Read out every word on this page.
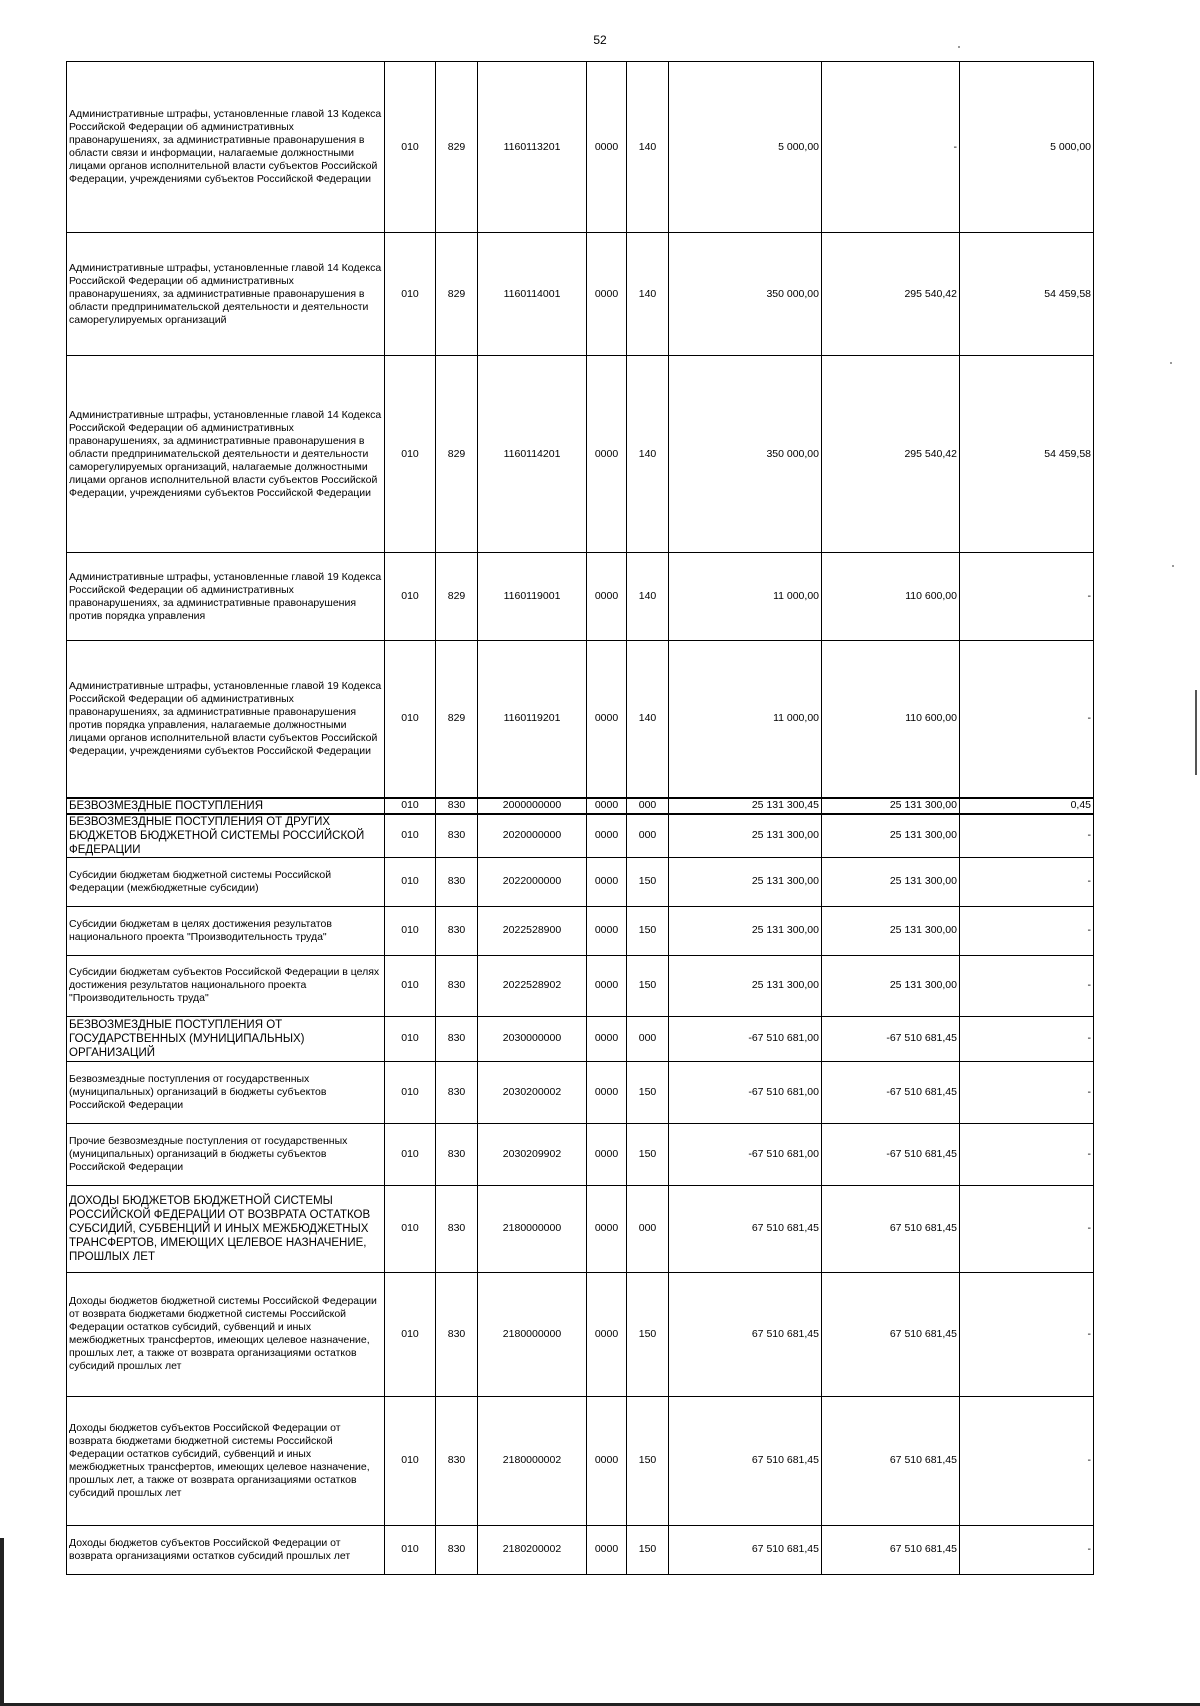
52
Административные штрафы, установленные главой 13 Кодекса Российской Федерации об административных правонарушениях, за административные правонарушения в области связи и информации, налагаемые должностными лицами органов исполнительной власти субъектов Российской Федерации, учреждениями субъектов Российской Федерации	010	829	1160113201	0000	140	5 000,00	-	5 000,00
Административные штрафы, установленные главой 14 Кодекса Российской Федерации об административных правонарушениях, за административные правонарушения в области предпринимательской деятельности и деятельности саморегулируемых организаций	010	829	1160114001	0000	140	350 000,00	295 540,42	54 459,58
Административные штрафы, установленные главой 14 Кодекса Российской Федерации об административных правонарушениях, за административные правонарушения в области предпринимательской деятельности и деятельности саморегулируемых организаций, налагаемые должностными лицами органов исполнительной власти субъектов Российской Федерации, учреждениями субъектов Российской Федерации	010	829	1160114201	0000	140	350 000,00	295 540,42	54 459,58
Административные штрафы, установленные главой 19 Кодекса Российской Федерации об административных правонарушениях, за административные правонарушения против порядка управления	010	829	1160119001	0000	140	11 000,00	110 600,00	-
Административные штрафы, установленные главой 19 Кодекса Российской Федерации об административных правонарушениях, за административные правонарушения против порядка управления, налагаемые должностными лицами органов исполнительной власти субъектов Российской Федерации, учреждениями субъектов Российской Федерации	010	829	1160119201	0000	140	11 000,00	110 600,00	-
БЕЗВОЗМЕЗДНЫЕ ПОСТУПЛЕНИЯ	010	830	2000000000	0000	000	25 131 300,45	25 131 300,00	0,45
БЕЗВОЗМЕЗДНЫЕ ПОСТУПЛЕНИЯ ОТ ДРУГИХ БЮДЖЕТОВ БЮДЖЕТНОЙ СИСТЕМЫ РОССИЙСКОЙ ФЕДЕРАЦИИ	010	830	2020000000	0000	000	25 131 300,00	25 131 300,00	-
Субсидии бюджетам бюджетной системы Российской Федерации (межбюджетные субсидии)	010	830	2022000000	0000	150	25 131 300,00	25 131 300,00	-
Субсидии бюджетам в целях достижения результатов национального проекта "Производительность труда"	010	830	2022528900	0000	150	25 131 300,00	25 131 300,00	-
Субсидии бюджетам субъектов Российской Федерации в целях достижения результатов национального проекта "Производительность труда"	010	830	2022528902	0000	150	25 131 300,00	25 131 300,00	-
БЕЗВОЗМЕЗДНЫЕ ПОСТУПЛЕНИЯ ОТ ГОСУДАРСТВЕННЫХ (МУНИЦИПАЛЬНЫХ) ОРГАНИЗАЦИЙ	010	830	2030000000	0000	000	-67 510 681,00	-67 510 681,45	-
Безвозмездные поступления от государственных (муниципальных) организаций в бюджеты субъектов Российской Федерации	010	830	2030200002	0000	150	-67 510 681,00	-67 510 681,45	-
Прочие безвозмездные поступления от государственных (муниципальных) организаций в бюджеты субъектов Российской Федерации	010	830	2030209902	0000	150	-67 510 681,00	-67 510 681,45	-
ДОХОДЫ БЮДЖЕТОВ БЮДЖЕТНОЙ СИСТЕМЫ РОССИЙСКОЙ ФЕДЕРАЦИИ ОТ ВОЗВРАТА ОСТАТКОВ СУБСИДИЙ, СУБВЕНЦИЙ И ИНЫХ МЕЖБЮДЖЕТНЫХ ТРАНСФЕРТОВ, ИМЕЮЩИХ ЦЕЛЕВОЕ НАЗНАЧЕНИЕ, ПРОШЛЫХ ЛЕТ	010	830	2180000000	0000	000	67 510 681,45	67 510 681,45	-
Доходы бюджетов бюджетной системы Российской Федерации от возврата бюджетами бюджетной системы Российской Федерации остатков субсидий, субвенций и иных межбюджетных трансфертов, имеющих целевое назначение, прошлых лет, а также от возврата организациями остатков субсидий прошлых лет	010	830	2180000000	0000	150	67 510 681,45	67 510 681,45	-
Доходы бюджетов субъектов Российской Федерации от возврата бюджетами бюджетной системы Российской Федерации остатков субсидий, субвенций и иных межбюджетных трансфертов, имеющих целевое назначение, прошлых лет, а также от возврата организациями остатков субсидий прошлых лет	010	830	2180000002	0000	150	67 510 681,45	67 510 681,45	-
Доходы бюджетов субъектов Российской Федерации от возврата организациями остатков субсидий прошлых лет	010	830	2180200002	0000	150	67 510 681,45	67 510 681,45	-
